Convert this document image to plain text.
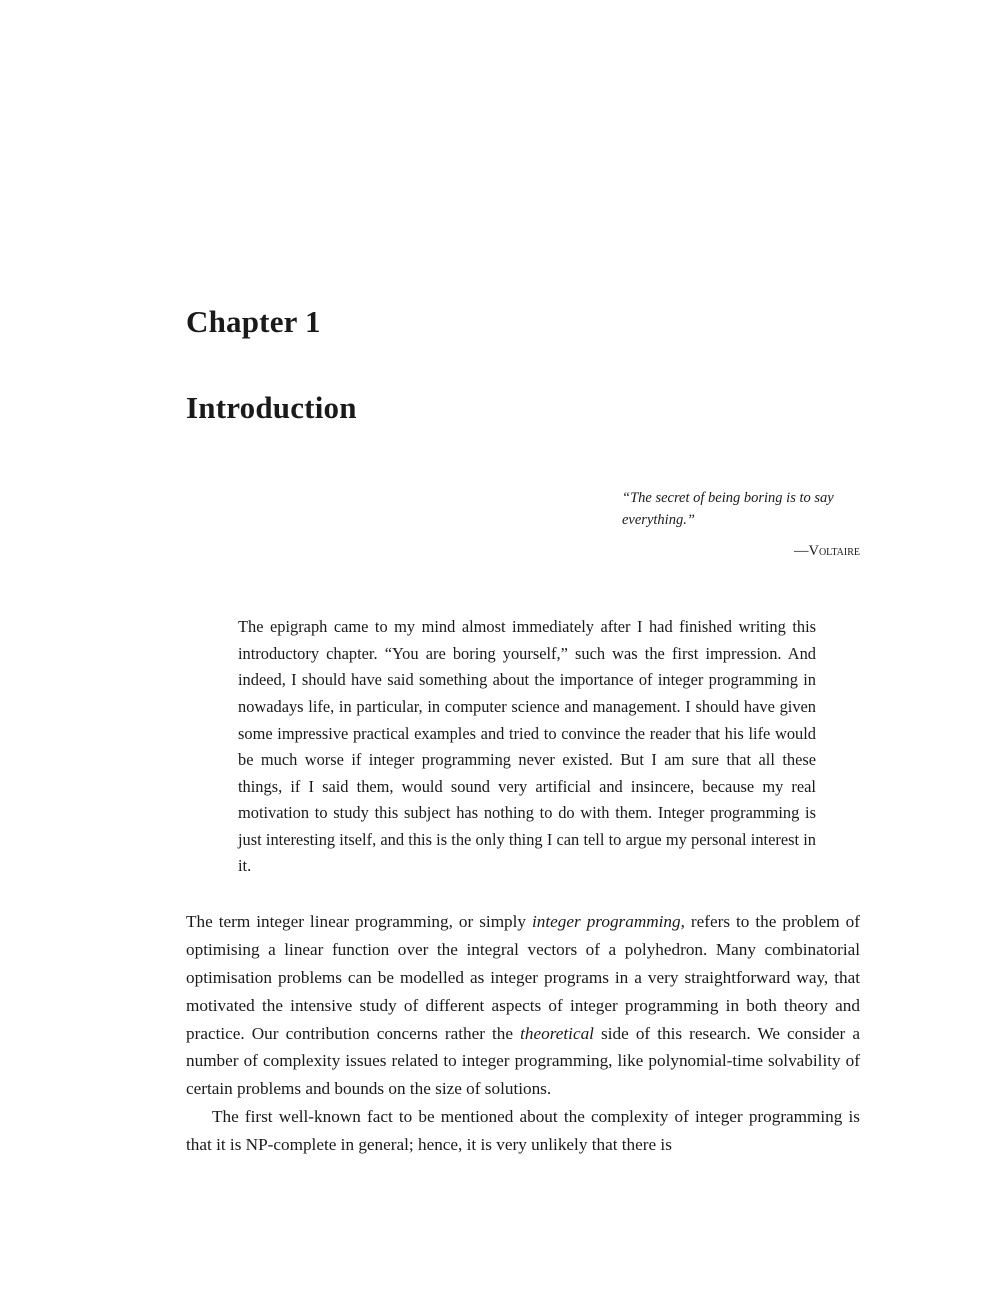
Chapter 1
Introduction
“The secret of being boring is to say everything.”
—Voltaire
The epigraph came to my mind almost immediately after I had finished writing this introductory chapter. “You are boring yourself,” such was the first impression. And indeed, I should have said something about the importance of integer programming in nowadays life, in particular, in computer science and management. I should have given some impressive practical examples and tried to convince the reader that his life would be much worse if integer programming never existed. But I am sure that all these things, if I said them, would sound very artificial and insincere, because my real motivation to study this subject has nothing to do with them. Integer programming is just interesting itself, and this is the only thing I can tell to argue my personal interest in it.
The term integer linear programming, or simply integer programming, refers to the problem of optimising a linear function over the integral vectors of a polyhedron. Many combinatorial optimisation problems can be modelled as integer programs in a very straightforward way, that motivated the intensive study of different aspects of integer programming in both theory and practice. Our contribution concerns rather the theoretical side of this research. We consider a number of complexity issues related to integer programming, like polynomial-time solvability of certain problems and bounds on the size of solutions.
The first well-known fact to be mentioned about the complexity of integer programming is that it is NP-complete in general; hence, it is very unlikely that there is
